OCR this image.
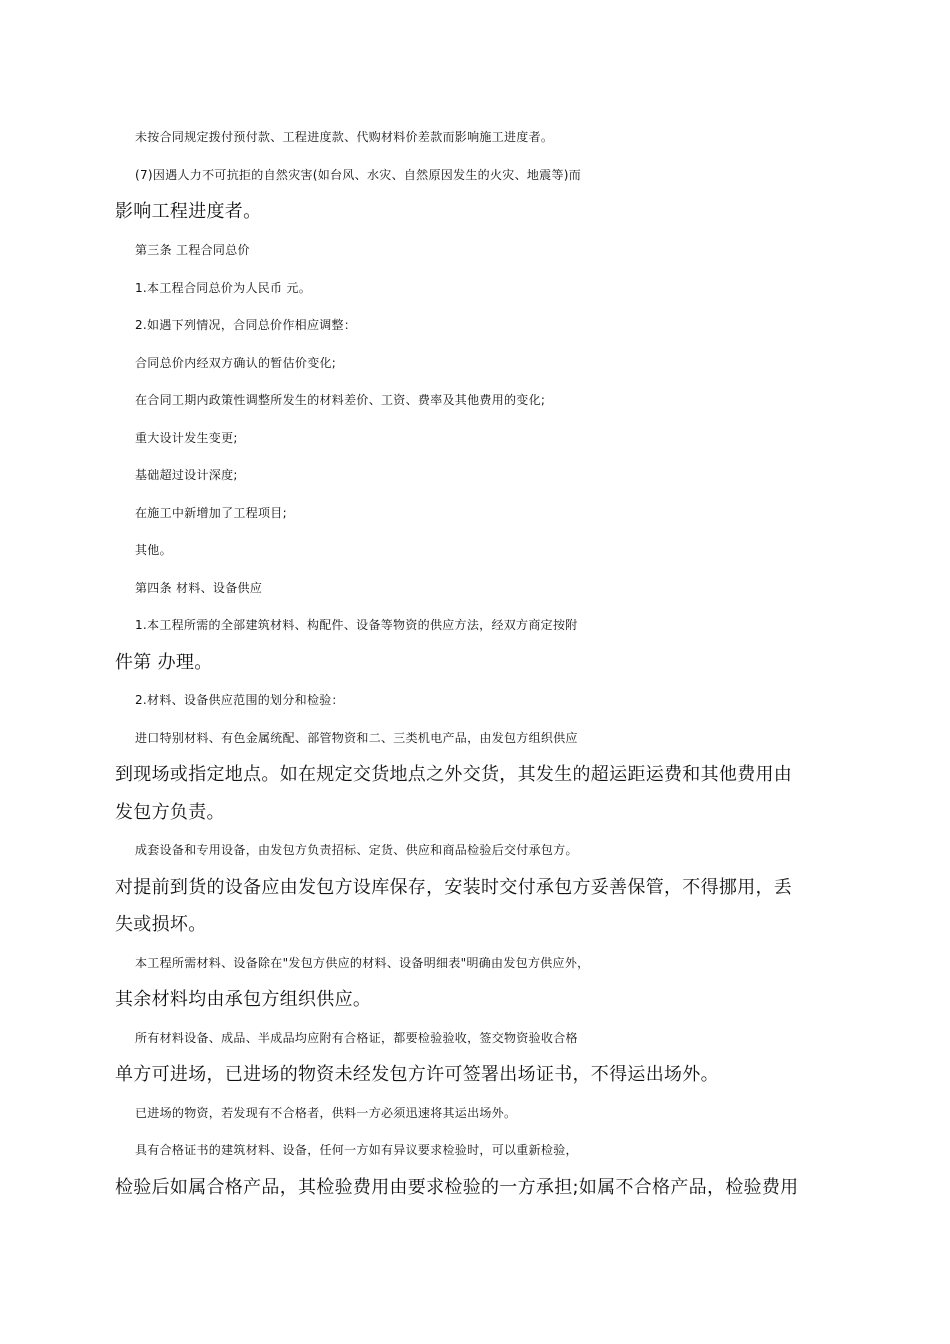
未按合同规定拨付预付款、工程进度款、代购材料价差款而影响施工进度者。
(7)因遇人力不可抗拒的自然灾害(如台风、水灾、自然原因发生的火灾、地震等)而
影响工程进度者。
第三条 工程合同总价
1.本工程合同总价为人民币 元。
2.如遇下列情况，合同总价作相应调整：
合同总价内经双方确认的暂估价变化;
在合同工期内政策性调整所发生的材料差价、工资、费率及其他费用的变化;
重大设计发生变更;
基础超过设计深度;
在施工中新增加了工程项目;
其他。
第四条 材料、设备供应
1.本工程所需的全部建筑材料、构配件、设备等物资的供应方法，经双方商定按附
件第 办理。
2.材料、设备供应范围的划分和检验：
进口特别材料、有色金属统配、部管物资和二、三类机电产品，由发包方组织供应
到现场或指定地点。如在规定交货地点之外交货，其发生的超运距运费和其他费用由
发包方负责。
成套设备和专用设备，由发包方负责招标、定货、供应和商品检验后交付承包方。
对提前到货的设备应由发包方设库保存，安装时交付承包方妥善保管，不得挪用，丢
失或损坏。
本工程所需材料、设备除在"发包方供应的材料、设备明细表"明确由发包方供应外，
其余材料均由承包方组织供应。
所有材料设备、成品、半成品均应附有合格证，都要检验验收，签交物资验收合格
单方可进场，已进场的物资未经发包方许可签署出场证书，不得运出场外。
已进场的物资，若发现有不合格者，供料一方必须迅速将其运出场外。
具有合格证书的建筑材料、设备，任何一方如有异议要求检验时，可以重新检验，
检验后如属合格产品，其检验费用由要求检验的一方承担;如属不合格产品，检验费用
